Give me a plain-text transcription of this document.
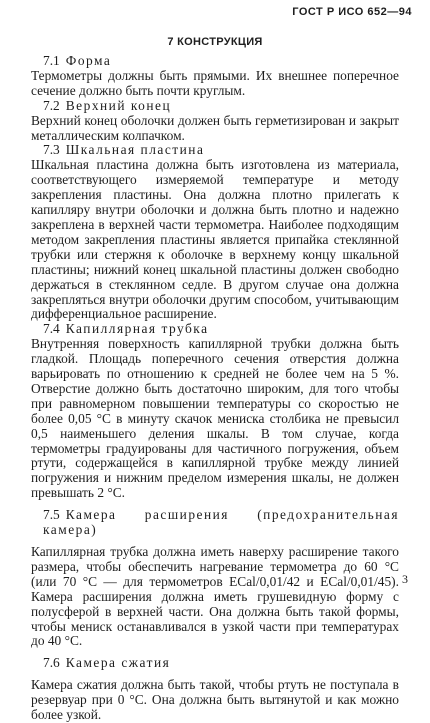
ГОСТ Р ИСО 652—94
7 КОНСТРУКЦИЯ

7.1 Форма

Термометры должны быть прямыми. Их внешнее поперечное сечение должно быть почти круглым.

7.2 Верхний конец

Верхний конец оболочки должен быть герметизирован и закрыт металлическим колпачком.

7.3 Шкальная пластина

Шкальная пластина должна быть изготовлена из материала, соответствующего измеряемой температуре и методу закрепления пластины. Она должна плотно прилегать к капилляру внутри оболочки и должна быть плотно и надежно закреплена в верхней части термометра. Наиболее подходящим методом закрепления пластины является припайка стеклянной трубки или стержня к оболочке в верхнему концу шкальной пластины; нижний конец шкальной пластины должен свободно держаться в стеклянном седле. В другом случае она должна закрепляться внутри оболочки другим способом, учитывающим дифференциальное расширение.

7.4 Капиллярная трубка

Внутренняя поверхность капиллярной трубки должна быть гладкой. Площадь поперечного сечения отверстия должна варьировать по отношению к средней не более чем на 5 %. Отверстие должно быть достаточно широким, для того чтобы при равномерном повышении температуры со скоростью не более 0,05 °С в минуту скачок мениска столбика не превысил 0,5 наименьшего деления шкалы. В том случае, когда термометры градуированы для частичного погружения, объем ртути, содержащейся в капиллярной трубке между линией погружения и нижним пределом измерения шкалы, не должен превышать 2 °С.

7.5 Камера расширения (предохранительная камера)

Капиллярная трубка должна иметь наверху расширение такого размера, чтобы обеспечить нагревание термометра до 60 °С (или 70 °С — для термометров ECal/0,01/42 и ECal/0,01/45). Камера расширения должна иметь грушевидную форму с полусферой в верхней части. Она должна быть такой формы, чтобы мениск останавливался в узкой части при температурах до 40 °С.

7.6 Камера сжатия

Камера сжатия должна быть такой, чтобы ртуть не поступала в резервуар при 0 °С. Она должна быть вытянутой и как можно более узкой.

3
